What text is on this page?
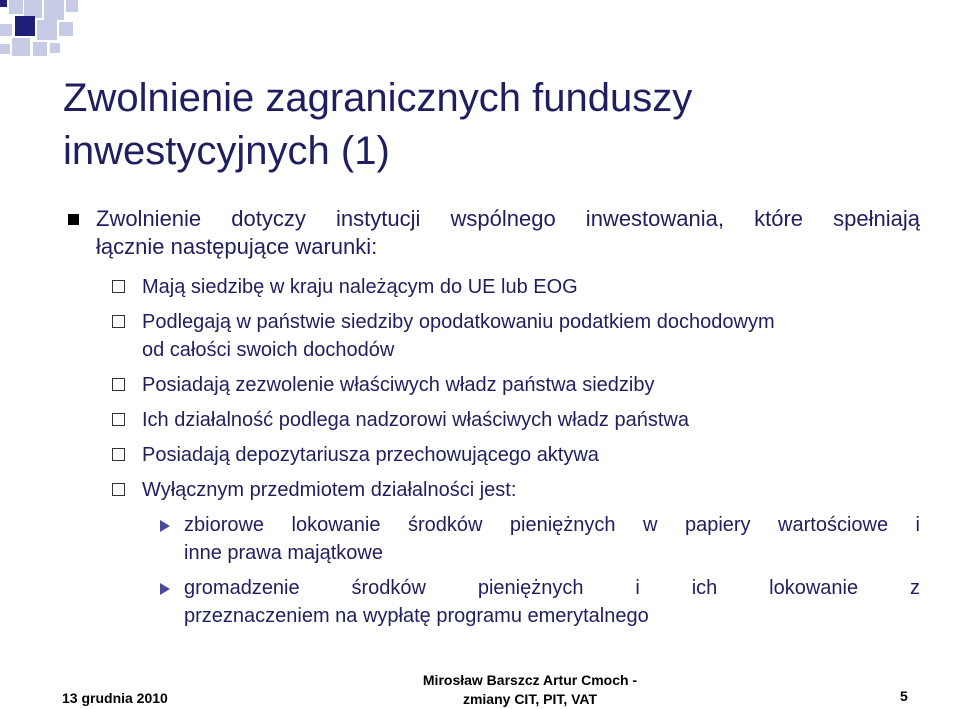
Zwolnienie zagranicznych funduszy inwestycyjnych (1)
Zwolnienie dotyczy instytucji wspólnego inwestowania, które spełniają
łącznie następujące warunki:
Mają siedzibę w kraju należącym do UE lub EOG
Podlegają w państwie siedziby opodatkowaniu podatkiem dochodowym
od całości swoich dochodów
Posiadają zezwolenie właściwych władz państwa siedziby
Ich działalność podlega nadzorowi właściwych władz państwa
Posiadają depozytariusza przechowującego aktywa
Wyłącznym przedmiotem działalności jest:
zbiorowe lokowanie środków pieniężnych w papiery wartościowe i
inne prawa majątkowe
gromadzenie środków pieniężnych i ich lokowanie z
przeznaczeniem na wypłatę programu emerytalnego
13 grudnia 2010
Mirosław Barszcz Artur Cmoch -
zmiany CIT, PIT, VAT	5
